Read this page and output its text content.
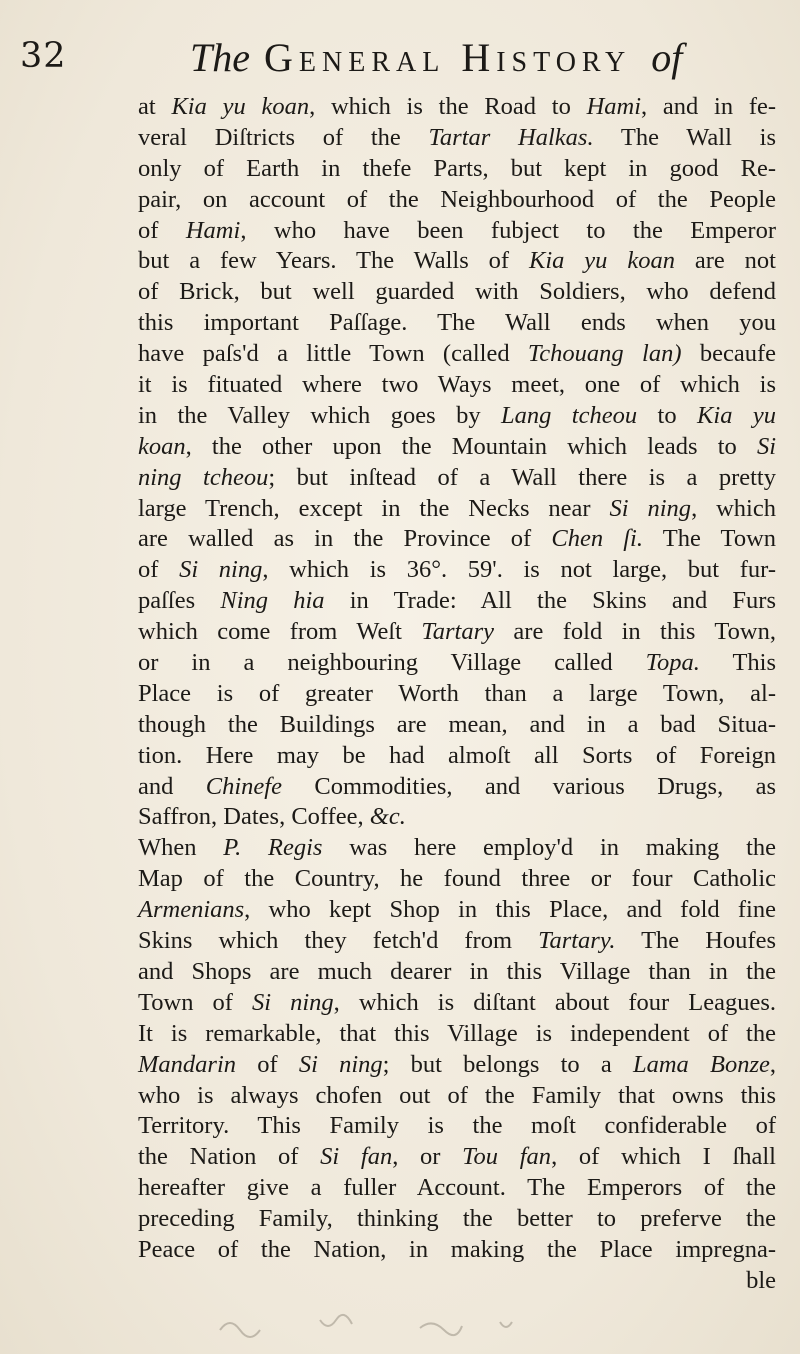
32	The General History of
at Kia yu koan, which is the Road to Hami, and in fe-
veral Diſtricts of the Tartar Halkas. The Wall is
only of Earth in thefe Parts, but kept in good Re-
pair, on account of the Neighbourhood of the People
of Hami, who have been fubject to the Emperor
but a few Years. The Walls of Kia yu koan are not
of Brick, but well guarded with Soldiers, who defend
this important Paſſage. The Wall ends when you
have paſs'd a little Town (called Tchouang lan) becaufe
it is fituated where two Ways meet, one of which is
in the Valley which goes by Lang tcheou to Kia yu
koan, the other upon the Mountain which leads to Si
ning tcheou; but inſtead of a Wall there is a pretty
large Trench, except in the Necks near Si ning, which
are walled as in the Province of Chen ſi. The Town
of Si ning, which is 36°. 59'. is not large, but fur-
paſſes Ning hia in Trade: All the Skins and Furs
which come from Weſt Tartary are fold in this Town,
or in a neighbouring Village called Topa. This
Place is of greater Worth than a large Town, al-
though the Buildings are mean, and in a bad Situa-
tion. Here may be had almoſt all Sorts of Foreign
and Chinefe Commodities, and various Drugs, as
Saffron, Dates, Coffee, &c.
When P. Regis was here employ'd in making the
Map of the Country, he found three or four Catholic
Armenians, who kept Shop in this Place, and fold fine
Skins which they fetch'd from Tartary. The Houfes
and Shops are much dearer in this Village than in the
Town of Si ning, which is diſtant about four Leagues.
It is remarkable, that this Village is independent of the
Mandarin of Si ning; but belongs to a Lama Bonze,
who is always chofen out of the Family that owns this
Territory. This Family is the moſt confiderable of
the Nation of Si fan, or Tou fan, of which I ſhall
hereafter give a fuller Account. The Emperors of the
preceding Family, thinking the better to preferve the
Peace of the Nation, in making the Place impregna-
ble
